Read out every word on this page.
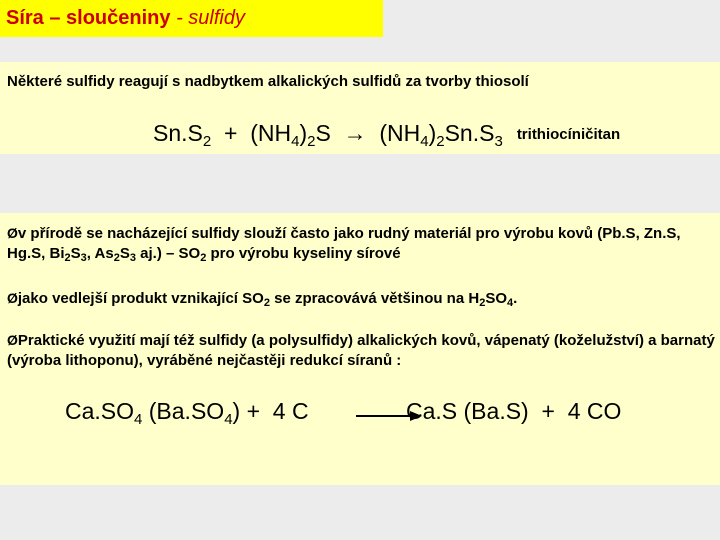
Síra – sloučeniny - sulfidy
Některé sulfidy reagují s nadbytkem alkalických sulfidů za tvorby thiosolí
$Sn.S_2 + (NH_4)_2S \to (NH_4)_2Sn.S_3$ trithiocíničitan
Øv přírodě se nacházející sulfidy slouží často jako rudný materiál pro výrobu kovů (Pb.S, Zn.S, Hg.S, $Bi_2S_3$, $As_2S_3$ $aj.) - SO_2$ pro výrobu kyseliny sírové
Øjako vedlejší produkt vznikající $SO_2$ se zpracovává většinou na $H_2SO_4$.
ØPraktické využití mají též sulfidy (a polysulfidy) alkalických kovů, vápenatý (koželužství) a barnatý (výroba lithoponu), vyráběné nejčastěji redukcí síranů :
$Ca.SO_4$ $(Ba.SO_4) + 4$ C	Ca.S (Ba.S)  +  4 CO
